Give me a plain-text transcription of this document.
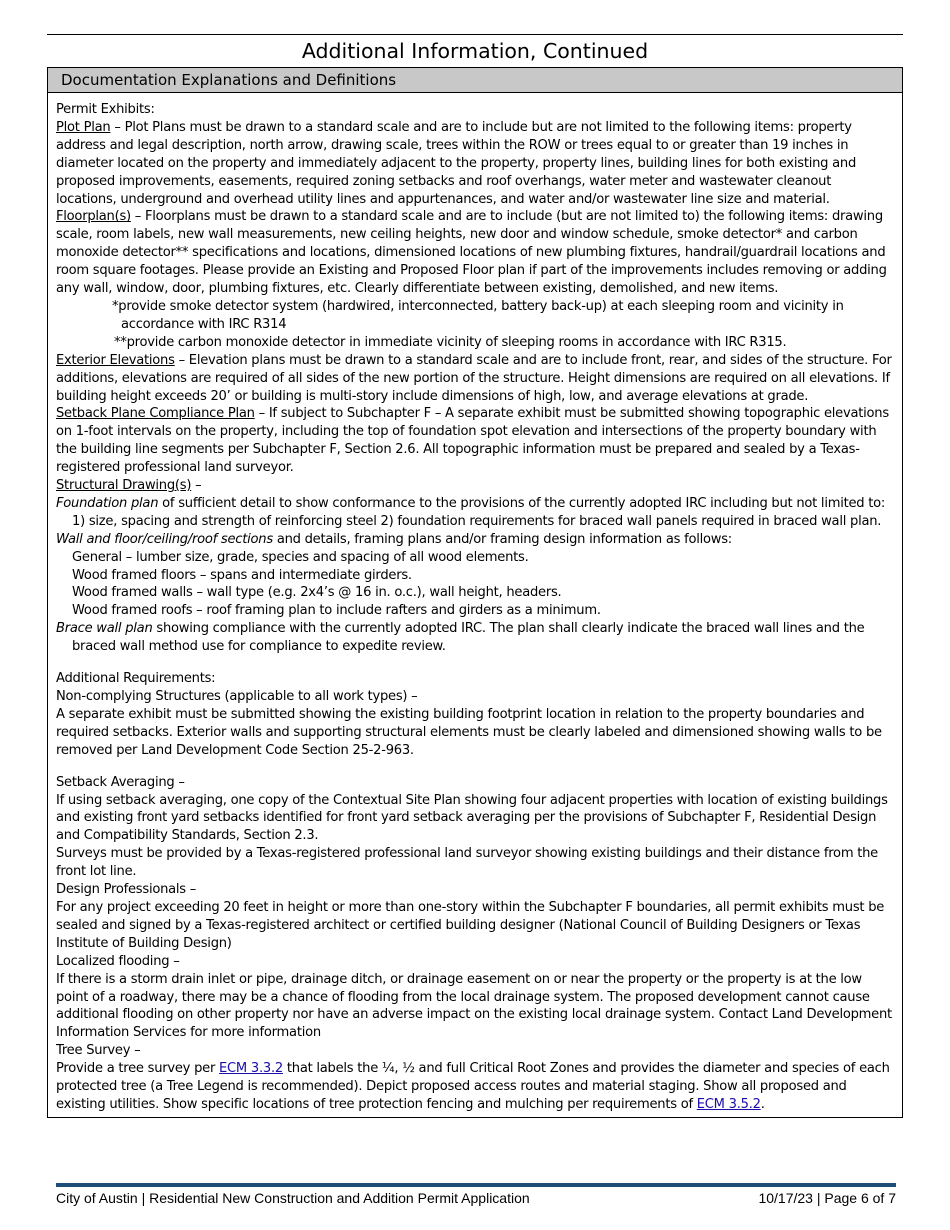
Additional Information, Continued
Documentation Explanations and Definitions

Permit Exhibits:

Plot Plan – Plot Plans must be drawn to a standard scale and are to include but are not limited to the following items: property address and legal description, north arrow, drawing scale, trees within the ROW or trees equal to or greater than 19 inches in diameter located on the property and immediately adjacent to the property, property lines, building lines for both existing and proposed improvements, easements, required zoning setbacks and roof overhangs, water meter and wastewater cleanout locations, underground and overhead utility lines and appurtenances, and water and/or wastewater line size and material.

Floorplan(s) – Floorplans must be drawn to a standard scale and are to include (but are not limited to) the following items: drawing scale, room labels, new wall measurements, new ceiling heights, new door and window schedule, smoke detector* and carbon monoxide detector** specifications and locations, dimensioned locations of new plumbing fixtures, handrail/guardrail locations and room square footages. Please provide an Existing and Proposed Floor plan if part of the improvements includes removing or adding any wall, window, door, plumbing fixtures, etc. Clearly differentiate between existing, demolished, and new items.

*provide smoke detector system (hardwired, interconnected, battery back-up) at each sleeping room and vicinity in

accordance with IRC R314

**provide carbon monoxide detector in immediate vicinity of sleeping rooms in accordance with IRC R315.

Exterior Elevations – Elevation plans must be drawn to a standard scale and are to include front, rear, and sides of the structure. For additions, elevations are required of all sides of the new portion of the structure. Height dimensions are required on all elevations. If building height exceeds 20’ or building is multi-story include dimensions of high, low, and average elevations at grade.

Setback Plane Compliance Plan – If subject to Subchapter F – A separate exhibit must be submitted showing topographic elevations on 1-foot intervals on the property, including the top of foundation spot elevation and intersections of the property boundary with the building line segments per Subchapter F, Section 2.6. All topographic information must be prepared and sealed by a Texas-registered professional land surveyor.

Structural Drawing(s) –

Foundation plan of sufficient detail to show conformance to the provisions of the currently adopted IRC including but not limited to:

1) size, spacing and strength of reinforcing steel 2) foundation requirements for braced wall panels required in braced wall plan.

Wall and floor/ceiling/roof sections and details, framing plans and/or framing design information as follows:

General – lumber size, grade, species and spacing of all wood elements.

Wood framed floors – spans and intermediate girders.

Wood framed walls – wall type (e.g. 2x4’s @ 16 in. o.c.), wall height, headers.

Wood framed roofs – roof framing plan to include rafters and girders as a minimum.

Brace wall plan showing compliance with the currently adopted IRC. The plan shall clearly indicate the braced wall lines and the braced wall method use for compliance to expedite review.

Additional Requirements:

Non-complying Structures (applicable to all work types) –

A separate exhibit must be submitted showing the existing building footprint location in relation to the property boundaries and required setbacks. Exterior walls and supporting structural elements must be clearly labeled and dimensioned showing walls to be removed per Land Development Code Section 25-2-963.

Setback Averaging –

If using setback averaging, one copy of the Contextual Site Plan showing four adjacent properties with location of existing buildings and existing front yard setbacks identified for front yard setback averaging per the provisions of Subchapter F, Residential Design and Compatibility Standards, Section 2.3.

Surveys must be provided by a Texas-registered professional land surveyor showing existing buildings and their distance from the front lot line.

Design Professionals –

For any project exceeding 20 feet in height or more than one-story within the Subchapter F boundaries, all permit exhibits must be sealed and signed by a Texas-registered architect or certified building designer (National Council of Building Designers or Texas Institute of Building Design)

Localized flooding –

If there is a storm drain inlet or pipe, drainage ditch, or drainage easement on or near the property or the property is at the low point of a roadway, there may be a chance of flooding from the local drainage system. The proposed development cannot cause additional flooding on other property nor have an adverse impact on the existing local drainage system. Contact Land Development Information Services for more information

Tree Survey –

Provide a tree survey per ECM 3.3.2 that labels the ¼, ½ and full Critical Root Zones and provides the diameter and species of each protected tree (a Tree Legend is recommended). Depict proposed access routes and material staging. Show all proposed and existing utilities. Show specific locations of tree protection fencing and mulching per requirements of ECM 3.5.2.

City of Austin | Residential New Construction and Addition Permit Application	10/17/23 | Page 6 of 7
